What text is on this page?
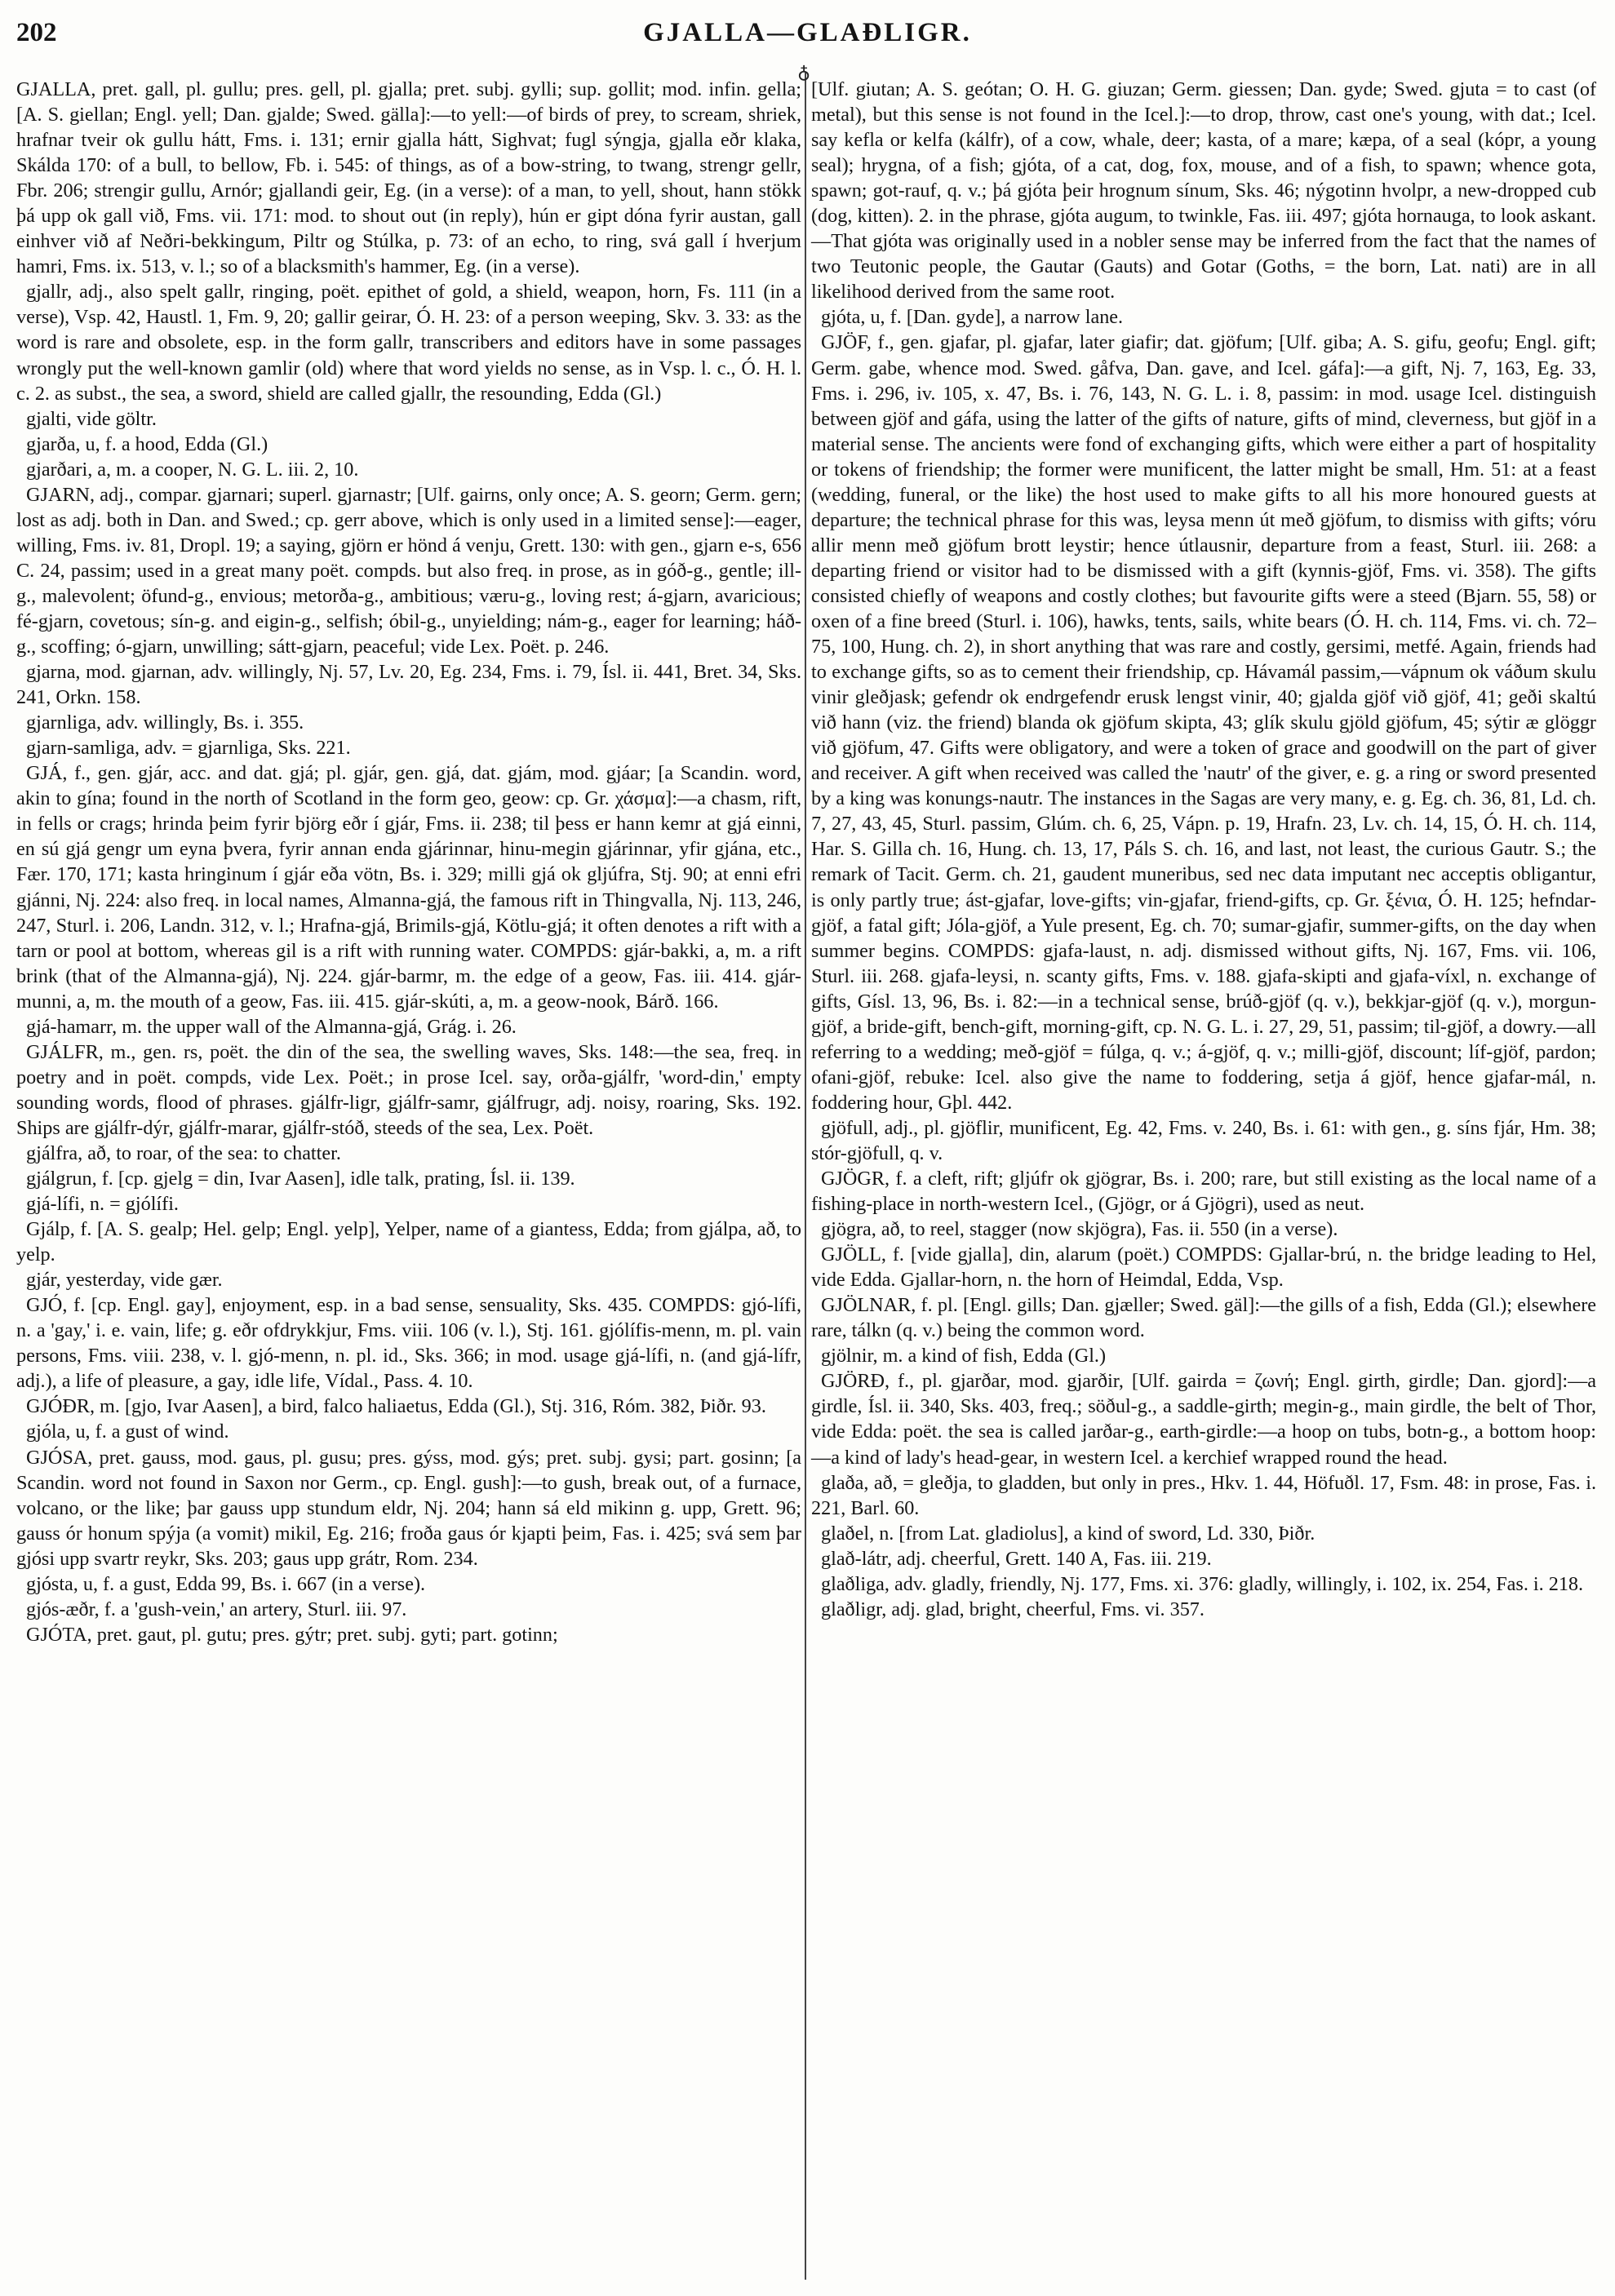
202	GJALLA—GLAÐLIGR.
♁

GJALLA, pret. gall, pl. gullu; pres. gell, pl. gjalla; pret. subj. gylli; sup. gollit; mod. infin. gella; [A. S. giellan; Engl. yell; Dan. gjalde; Swed. gälla]:—to yell:—of birds of prey, to scream, shriek, hrafnar tveir ok gullu hátt, Fms. i. 131; ernir gjalla hátt, Sighvat; fugl sýngja, gjalla eðr klaka, Skálda 170: of a bull, to bellow, Fb. i. 545: of things, as of a bow-string, to twang, strengr gellr, Fbr. 206; strengir gullu, Arnór; gjallandi geir, Eg. (in a verse): of a man, to yell, shout, hann stökk þá upp ok gall við, Fms. vii. 171: mod. to shout out (in reply), hún er gipt dóna fyrir austan, gall einhver við af Neðri-bekkingum, Piltr og Stúlka, p. 73: of an echo, to ring, svá gall í hverjum hamri, Fms. ix. 513, v. l.; so of a blacksmith's hammer, Eg. (in a verse).

gjallr, adj., also spelt gallr, ringing, poët. epithet of gold, a shield, weapon, horn, Fs. 111 (in a verse), Vsp. 42, Haustl. 1, Fm. 9, 20; gallir geirar, Ó. H. 23: of a person weeping, Skv. 3. 33: as the word is rare and obsolete, esp. in the form gallr, transcribers and editors have in some passages wrongly put the well-known gamlir (old) where that word yields no sense, as in Vsp. l. c., Ó. H. l. c. 2. as subst., the sea, a sword, shield are called gjallr, the resounding, Edda (Gl.)

gjalti, vide göltr.

gjarða, u, f. a hood, Edda (Gl.)

gjarðari, a, m. a cooper, N. G. L. iii. 2, 10.

GJARN, adj., compar. gjarnari; superl. gjarnastr; [Ulf. gairns, only once; A. S. georn; Germ. gern; lost as adj. both in Dan. and Swed.; cp. gerr above, which is only used in a limited sense]:—eager, willing, Fms. iv. 81, Dropl. 19; a saying, gjörn er hönd á venju, Grett. 130: with gen., gjarn e-s, 656 C. 24, passim; used in a great many poët. compds. but also freq. in prose, as in góð-g., gentle; ill-g., malevolent; öfund-g., envious; metorða-g., ambitious; væru-g., loving rest; á-gjarn, avaricious; fé-gjarn, covetous; sín-g. and eigin-g., selfish; óbil-g., unyielding; nám-g., eager for learning; háð-g., scoffing; ó-gjarn, unwilling; sátt-gjarn, peaceful; vide Lex. Poët. p. 246.

gjarna, mod. gjarnan, adv. willingly, Nj. 57, Lv. 20, Eg. 234, Fms. i. 79, Ísl. ii. 441, Bret. 34, Sks. 241, Orkn. 158.

gjarnliga, adv. willingly, Bs. i. 355.

gjarn-samliga, adv. = gjarnliga, Sks. 221.

GJÁ, f., gen. gjár, acc. and dat. gjá; pl. gjár, gen. gjá, dat. gjám, mod. gjáar; [a Scandin. word, akin to gína; found in the north of Scotland in the form geo, geow: cp. Gr. χάσμα]:—a chasm, rift, in fells or crags; hrinda þeim fyrir björg eðr í gjár, Fms. ii. 238; til þess er hann kemr at gjá einni, en sú gjá gengr um eyna þvera, fyrir annan enda gjárinnar, hinu-megin gjárinnar, yfir gjána, etc., Fær. 170, 171; kasta hringinum í gjár eða vötn, Bs. i. 329; milli gjá ok gljúfra, Stj. 90; at enni efri gjánni, Nj. 224: also freq. in local names, Almanna-gjá, the famous rift in Thingvalla, Nj. 113, 246, 247, Sturl. i. 206, Landn. 312, v. l.; Hrafna-gjá, Brimils-gjá, Kötlu-gjá; it often denotes a rift with a tarn or pool at bottom, whereas gil is a rift with running water. COMPDS: gjár-bakki, a, m. a rift brink (that of the Almanna-gjá), Nj. 224. gjár-barmr, m. the edge of a geow, Fas. iii. 414. gjár-munni, a, m. the mouth of a geow, Fas. iii. 415. gjár-skúti, a, m. a geow-nook, Bárð. 166.

gjá-hamarr, m. the upper wall of the Almanna-gjá, Grág. i. 26.

GJÁLFR, m., gen. rs, poët. the din of the sea, the swelling waves, Sks. 148:—the sea, freq. in poetry and in poët. compds, vide Lex. Poët.; in prose Icel. say, orða-gjálfr, 'word-din,' empty sounding words, flood of phrases. gjálfr-ligr, gjálfr-samr, gjálfrugr, adj. noisy, roaring, Sks. 192. Ships are gjálfr-dýr, gjálfr-marar, gjálfr-stóð, steeds of the sea, Lex. Poët.

gjálfra, að, to roar, of the sea: to chatter.

gjálgrun, f. [cp. gjelg = din, Ivar Aasen], idle talk, prating, Ísl. ii. 139.

gjá-lífi, n. = gjólífi.

Gjálp, f. [A. S. gealp; Hel. gelp; Engl. yelp], Yelper, name of a giantess, Edda; from gjálpa, að, to yelp.

gjár, yesterday, vide gær.

GJÓ, f. [cp. Engl. gay], enjoyment, esp. in a bad sense, sensuality, Sks. 435. COMPDS: gjó-lífi, n. a 'gay,' i. e. vain, life; g. eðr ofdrykkjur, Fms. viii. 106 (v. l.), Stj. 161. gjólífis-menn, m. pl. vain persons, Fms. viii. 238, v. l. gjó-menn, n. pl. id., Sks. 366; in mod. usage gjá-lífi, n. (and gjá-lífr, adj.), a life of pleasure, a gay, idle life, Vídal., Pass. 4. 10.

GJÓÐR, m. [gjo, Ivar Aasen], a bird, falco haliaetus, Edda (Gl.), Stj. 316, Róm. 382, Þiðr. 93.

gjóla, u, f. a gust of wind.

GJÓSA, pret. gauss, mod. gaus, pl. gusu; pres. gýss, mod. gýs; pret. subj. gysi; part. gosinn; [a Scandin. word not found in Saxon nor Germ., cp. Engl. gush]:—to gush, break out, of a furnace, volcano, or the like; þar gauss upp stundum eldr, Nj. 204; hann sá eld mikinn g. upp, Grett. 96; gauss ór honum spýja (a vomit) mikil, Eg. 216; froða gaus ór kjapti þeim, Fas. i. 425; svá sem þar gjósi upp svartr reykr, Sks. 203; gaus upp grátr, Rom. 234.

gjósta, u, f. a gust, Edda 99, Bs. i. 667 (in a verse).

gjós-æðr, f. a 'gush-vein,' an artery, Sturl. iii. 97.

GJÓTA, pret. gaut, pl. gutu; pres. gýtr; pret. subj. gyti; part. gotinn;

[Ulf. giutan; A. S. geótan; O. H. G. giuzan; Germ. giessen; Dan. gyde; Swed. gjuta = to cast (of metal), but this sense is not found in the Icel.]:—to drop, throw, cast one's young, with dat.; Icel. say kefla or kelfa (kálfr), of a cow, whale, deer; kasta, of a mare; kæpa, of a seal (kópr, a young seal); hrygna, of a fish; gjóta, of a cat, dog, fox, mouse, and of a fish, to spawn; whence gota, spawn; got-rauf, q. v.; þá gjóta þeir hrognum sínum, Sks. 46; nýgotinn hvolpr, a new-dropped cub (dog, kitten). 2. in the phrase, gjóta augum, to twinkle, Fas. iii. 497; gjóta hornauga, to look askant.—That gjóta was originally used in a nobler sense may be inferred from the fact that the names of two Teutonic people, the Gautar (Gauts) and Gotar (Goths, = the born, Lat. nati) are in all likelihood derived from the same root.

gjóta, u, f. [Dan. gyde], a narrow lane.

GJÖF, f., gen. gjafar, pl. gjafar, later giafir; dat. gjöfum; [Ulf. giba; A. S. gifu, geofu; Engl. gift; Germ. gabe, whence mod. Swed. gåfva, Dan. gave, and Icel. gáfa]:—a gift, Nj. 7, 163, Eg. 33, Fms. i. 296, iv. 105, x. 47, Bs. i. 76, 143, N. G. L. i. 8, passim: in mod. usage Icel. distinguish between gjöf and gáfa, using the latter of the gifts of nature, gifts of mind, cleverness, but gjöf in a material sense. The ancients were fond of exchanging gifts, which were either a part of hospitality or tokens of friendship; the former were munificent, the latter might be small, Hm. 51: at a feast (wedding, funeral, or the like) the host used to make gifts to all his more honoured guests at departure; the technical phrase for this was, leysa menn út með gjöfum, to dismiss with gifts; vóru allir menn með gjöfum brott leystir; hence útlausnir, departure from a feast, Sturl. iii. 268: a departing friend or visitor had to be dismissed with a gift (kynnis-gjöf, Fms. vi. 358). The gifts consisted chiefly of weapons and costly clothes; but favourite gifts were a steed (Bjarn. 55, 58) or oxen of a fine breed (Sturl. i. 106), hawks, tents, sails, white bears (Ó. H. ch. 114, Fms. vi. ch. 72–75, 100, Hung. ch. 2), in short anything that was rare and costly, gersimi, metfé. Again, friends had to exchange gifts, so as to cement their friendship, cp. Hávamál passim,—vápnum ok váðum skulu vinir gleðjask; gefendr ok endrgefendr erusk lengst vinir, 40; gjalda gjöf við gjöf, 41; geði skaltú við hann (viz. the friend) blanda ok gjöfum skipta, 43; glík skulu gjöld gjöfum, 45; sýtir æ glöggr við gjöfum, 47. Gifts were obligatory, and were a token of grace and goodwill on the part of giver and receiver. A gift when received was called the 'nautr' of the giver, e. g. a ring or sword presented by a king was konungs-nautr. The instances in the Sagas are very many, e. g. Eg. ch. 36, 81, Ld. ch. 7, 27, 43, 45, Sturl. passim, Glúm. ch. 6, 25, Vápn. p. 19, Hrafn. 23, Lv. ch. 14, 15, Ó. H. ch. 114, Har. S. Gilla ch. 16, Hung. ch. 13, 17, Páls S. ch. 16, and last, not least, the curious Gautr. S.; the remark of Tacit. Germ. ch. 21, gaudent muneribus, sed nec data imputant nec acceptis obligantur, is only partly true; ást-gjafar, love-gifts; vin-gjafar, friend-gifts, cp. Gr. ξένια, Ó. H. 125; hefndar-gjöf, a fatal gift; Jóla-gjöf, a Yule present, Eg. ch. 70; sumar-gjafir, summer-gifts, on the day when summer begins. COMPDS: gjafa-laust, n. adj. dismissed without gifts, Nj. 167, Fms. vii. 106, Sturl. iii. 268. gjafa-leysi, n. scanty gifts, Fms. v. 188. gjafa-skipti and gjafa-víxl, n. exchange of gifts, Gísl. 13, 96, Bs. i. 82:—in a technical sense, brúð-gjöf (q. v.), bekkjar-gjöf (q. v.), morgun-gjöf, a bride-gift, bench-gift, morning-gift, cp. N. G. L. i. 27, 29, 51, passim; til-gjöf, a dowry.—all referring to a wedding; með-gjöf = fúlga, q. v.; á-gjöf, q. v.; milli-gjöf, discount; líf-gjöf, pardon; ofani-gjöf, rebuke: Icel. also give the name to foddering, setja á gjöf, hence gjafar-mál, n. foddering hour, Gþl. 442.

gjöfull, adj., pl. gjöflir, munificent, Eg. 42, Fms. v. 240, Bs. i. 61: with gen., g. síns fjár, Hm. 38; stór-gjöfull, q. v.

GJÖGR, f. a cleft, rift; gljúfr ok gjögrar, Bs. i. 200; rare, but still existing as the local name of a fishing-place in north-western Icel., (Gjögr, or á Gjögri), used as neut.

gjögra, að, to reel, stagger (now skjögra), Fas. ii. 550 (in a verse).

GJÖLL, f. [vide gjalla], din, alarum (poët.) COMPDS: Gjallar-brú, n. the bridge leading to Hel, vide Edda. Gjallar-horn, n. the horn of Heimdal, Edda, Vsp.

GJÖLNAR, f. pl. [Engl. gills; Dan. gjæller; Swed. gäl]:—the gills of a fish, Edda (Gl.); elsewhere rare, tálkn (q. v.) being the common word.

gjölnir, m. a kind of fish, Edda (Gl.)

GJÖRÐ, f., pl. gjarðar, mod. gjarðir, [Ulf. gairda = ζωνή; Engl. girth, girdle; Dan. gjord]:—a girdle, Ísl. ii. 340, Sks. 403, freq.; söðul-g., a saddle-girth; megin-g., main girdle, the belt of Thor, vide Edda: poët. the sea is called jarðar-g., earth-girdle:—a hoop on tubs, botn-g., a bottom hoop:—a kind of lady's head-gear, in western Icel. a kerchief wrapped round the head.

glaða, að, = gleðja, to gladden, but only in pres., Hkv. 1. 44, Höfuðl. 17, Fsm. 48: in prose, Fas. i. 221, Barl. 60.

glaðel, n. [from Lat. gladiolus], a kind of sword, Ld. 330, Þiðr.

glað-látr, adj. cheerful, Grett. 140 A, Fas. iii. 219.

glaðliga, adv. gladly, friendly, Nj. 177, Fms. xi. 376: gladly, willingly, i. 102, ix. 254, Fas. i. 218.

glaðligr, adj. glad, bright, cheerful, Fms. vi. 357.
